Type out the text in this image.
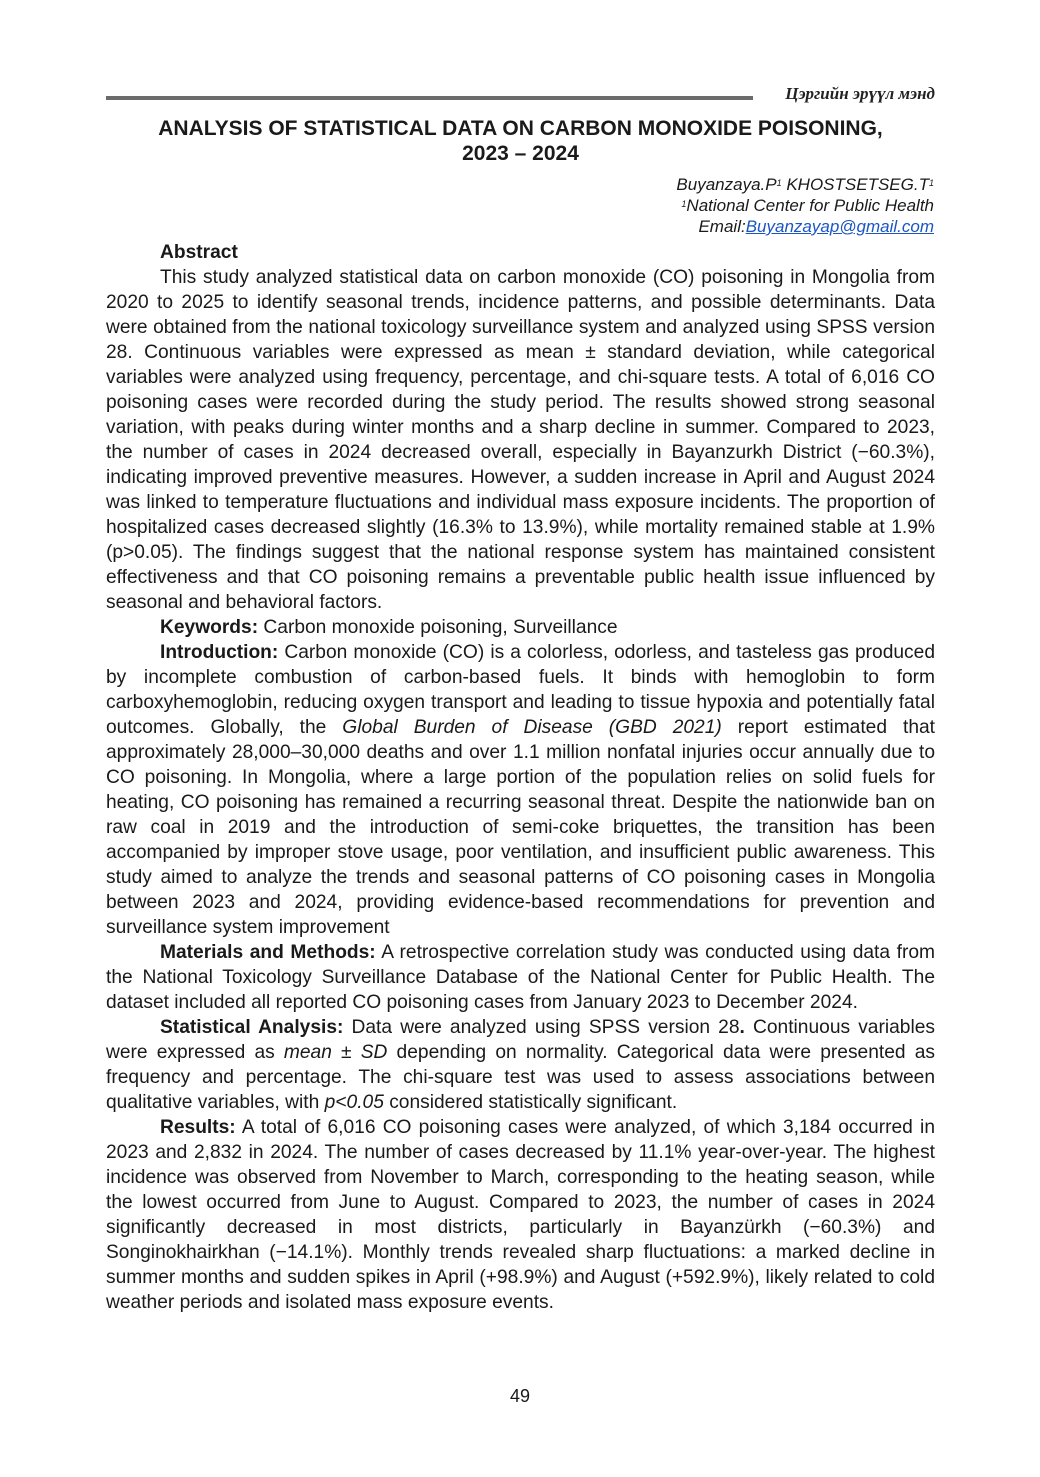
Цэргийн эрүүл мэнд
ANALYSIS OF STATISTICAL DATA ON CARBON MONOXIDE POISONING,
2023 – 2024
$Buyanzaya.P^1$ $KHOSTSETSEG.T^1$
$^1$National Center for Public Health
Email:Buyanzayap@gmail.com

Abstract

This study analyzed statistical data on carbon monoxide (CO) poisoning in Mongolia from 2020 to 2025 to identify seasonal trends, incidence patterns, and possible determinants. Data were obtained from the national toxicology surveillance system and analyzed using SPSS version 28. Continuous variables were expressed as mean ± standard deviation, while categorical variables were analyzed using frequency, percentage, and chi-square tests. A total of 6,016 CO poisoning cases were recorded during the study period. The results showed strong seasonal variation, with peaks during winter months and a sharp decline in summer. Compared to 2023, the number of cases in 2024 decreased overall, especially in Bayanzurkh District (−60.3%), indicating improved preventive measures. However, a sudden increase in April and August 2024 was linked to temperature fluctuations and individual mass exposure incidents. The proportion of hospitalized cases decreased slightly (16.3% to 13.9%), while mortality remained stable at 1.9% (p>0.05). The findings suggest that the national response system has maintained consistent effectiveness and that CO poisoning remains a preventable public health issue influenced by seasonal and behavioral factors.

Keywords: Carbon monoxide poisoning, Surveillance

Introduction: Carbon monoxide (CO) is a colorless, odorless, and tasteless gas produced by incomplete combustion of carbon-based fuels. It binds with hemoglobin to form carboxyhemoglobin, reducing oxygen transport and leading to tissue hypoxia and potentially fatal outcomes. Globally, the Global Burden of Disease (GBD 2021) report estimated that approximately 28,000–30,000 deaths and over 1.1 million nonfatal injuries occur annually due to CO poisoning. In Mongolia, where a large portion of the population relies on solid fuels for heating, CO poisoning has remained a recurring seasonal threat. Despite the nationwide ban on raw coal in 2019 and the introduction of semi-coke briquettes, the transition has been accompanied by improper stove usage, poor ventilation, and insufficient public awareness. This study aimed to analyze the trends and seasonal patterns of CO poisoning cases in Mongolia between 2023 and 2024, providing evidence-based recommendations for prevention and surveillance system improvement

Materials and Methods: A retrospective correlation study was conducted using data from the National Toxicology Surveillance Database of the National Center for Public Health. The dataset included all reported CO poisoning cases from January 2023 to December 2024.

Statistical Analysis: Data were analyzed using SPSS version 28. Continuous variables were expressed as mean ± SD depending on normality. Categorical data were presented as frequency and percentage. The chi-square test was used to assess associations between qualitative variables, with p<0.05 considered statistically significant.

Results: A total of 6,016 CO poisoning cases were analyzed, of which 3,184 occurred in 2023 and 2,832 in 2024. The number of cases decreased by 11.1% year-over-year. The highest incidence was observed from November to March, corresponding to the heating season, while the lowest occurred from June to August. Compared to 2023, the number of cases in 2024 significantly decreased in most districts, particularly in Bayanzürkh (−60.3%) and Songinokhairkhan (−14.1%). Monthly trends revealed sharp fluctuations: a marked decline in summer months and sudden spikes in April (+98.9%) and August (+592.9%), likely related to cold weather periods and isolated mass exposure events.

49
